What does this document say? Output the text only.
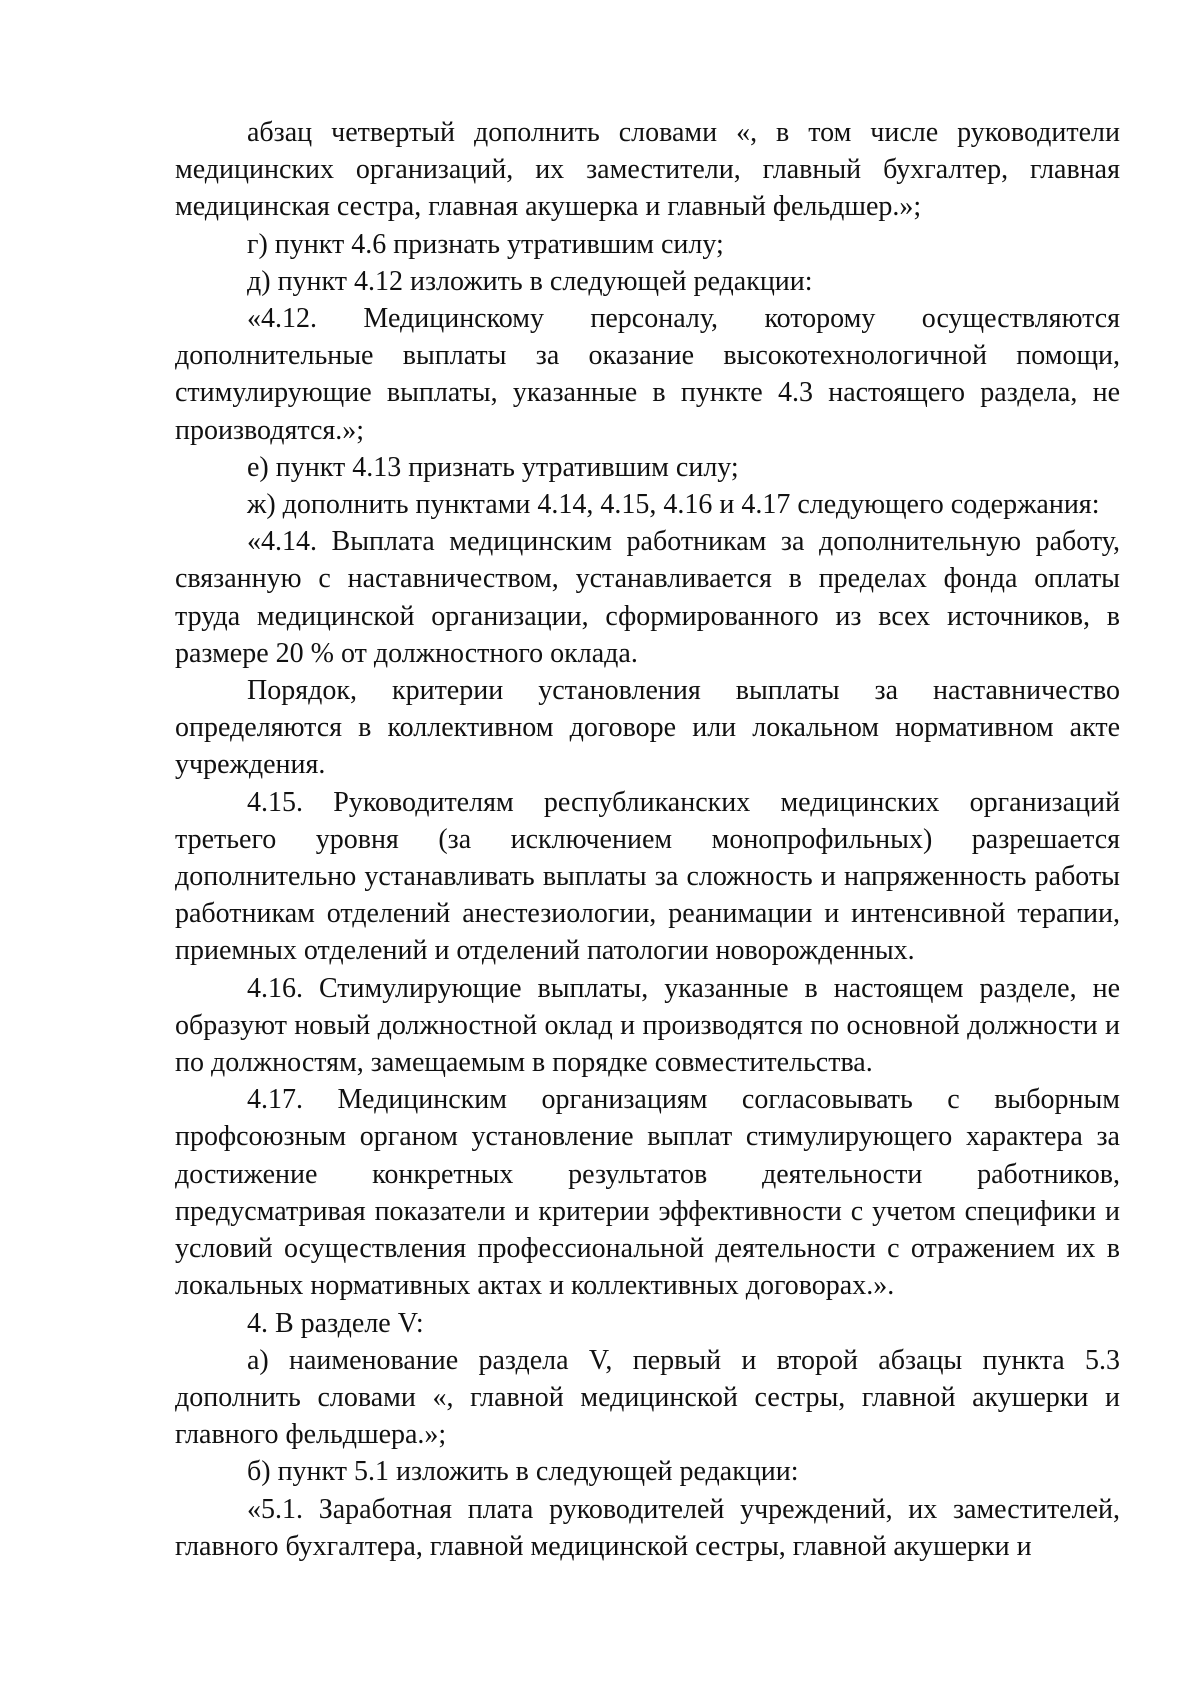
абзац четвертый дополнить словами «, в том числе руководители медицинских организаций, их заместители, главный бухгалтер, главная медицинская сестра, главная акушерка и главный фельдшер.»;

г) пункт 4.6 признать утратившим силу;

д) пункт 4.12 изложить в следующей редакции:

«4.12. Медицинскому персоналу, которому осуществляются дополнительные выплаты за оказание высокотехнологичной помощи, стимулирующие выплаты, указанные в пункте 4.3 настоящего раздела, не производятся.»;

е) пункт 4.13 признать утратившим силу;

ж) дополнить пунктами 4.14, 4.15, 4.16 и 4.17 следующего содержания:

«4.14. Выплата медицинским работникам за дополнительную работу, связанную с наставничеством, устанавливается в пределах фонда оплаты труда медицинской организации, сформированного из всех источников, в размере 20 % от должностного оклада.

Порядок, критерии установления выплаты за наставничество определяются в коллективном договоре или локальном нормативном акте учреждения.

4.15. Руководителям республиканских медицинских организаций третьего уровня (за исключением монопрофильных) разрешается дополнительно устанавливать выплаты за сложность и напряженность работы работникам отделений анестезиологии, реанимации и интенсивной терапии, приемных отделений и отделений патологии новорожденных.

4.16. Стимулирующие выплаты, указанные в настоящем разделе, не образуют новый должностной оклад и производятся по основной должности и по должностям, замещаемым в порядке совместительства.

4.17. Медицинским организациям согласовывать с выборным профсоюзным органом установление выплат стимулирующего характера за достижение конкретных результатов деятельности работников, предусматривая показатели и критерии эффективности с учетом специфики и условий осуществления профессиональной деятельности с отражением их в локальных нормативных актах и коллективных договорах.».

4. В разделе V:

а) наименование раздела V, первый и второй абзацы пункта 5.3 дополнить словами «, главной медицинской сестры, главной акушерки и главного фельдшера.»;

б) пункт 5.1 изложить в следующей редакции:

«5.1. Заработная плата руководителей учреждений, их заместителей, главного бухгалтера, главной медицинской сестры, главной акушерки и
